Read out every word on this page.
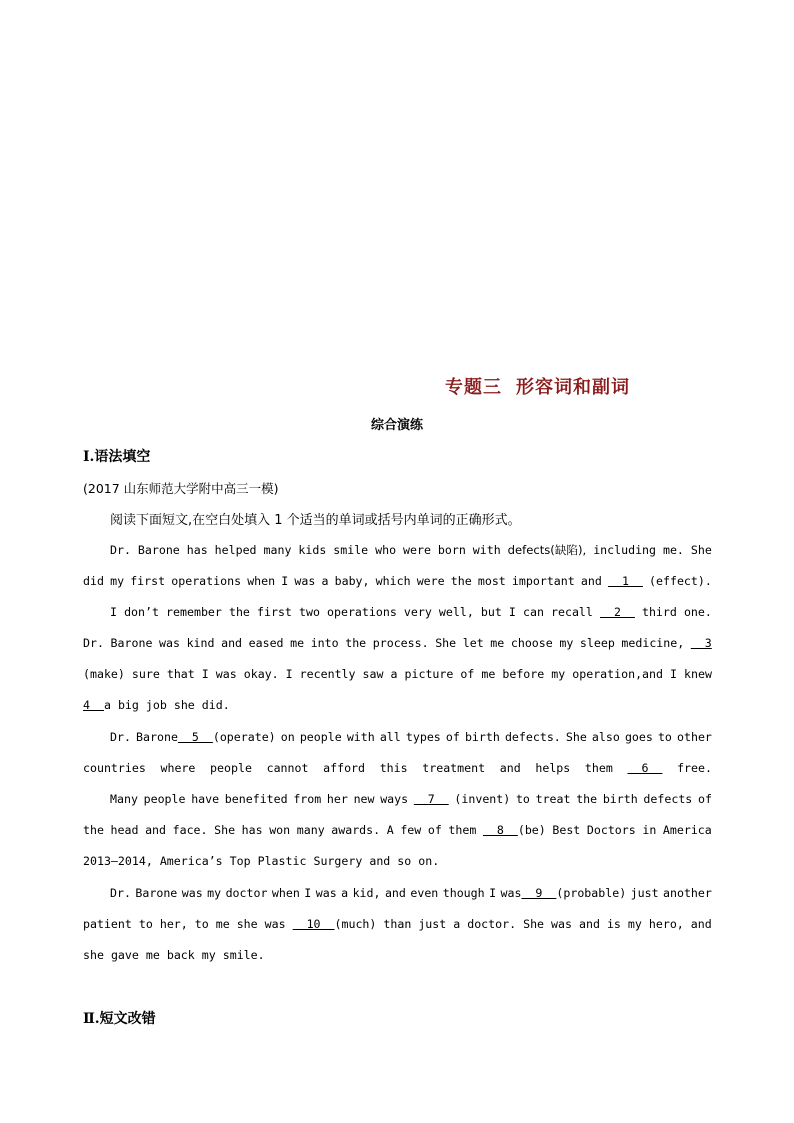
专题三 形容词和副词
综合演练
Ⅰ.语法填空
(2017 山东师范大学附中高三一模)
阅读下面短文,在空白处填入 1 个适当的单词或括号内单词的正确形式。
Dr. Barone has helped many kids smile who were born with defects(缺陷), including me. She
did my first operations when I was a baby, which were the most important and 1 (effect).
I don’t remember the first two operations very well, but I can recall 2 third one.
Dr. Barone was kind and eased me into the process. She let me choose my sleep medicine, 3
(make) sure that I was okay. I recently saw a picture of me before my operation,and I knew
4  a big job she did.
Dr. Barone  5  (operate) on people with all types of birth defects. She also goes to other
countries where people cannot afford this treatment and helps them 6 free.
Many people have benefited from her new ways 7 (invent) to treat the birth defects of
the head and face. She has won many awards. A few of them 8  (be) Best Doctors in America
2013—2014, America’s Top Plastic Surgery and so on.
Dr. Barone was my doctor when I was a kid, and even though I was  9  (probable) just another
patient to her, to me she was 10  (much) than just a doctor. She was and is my hero, and
she gave me back my smile.
Ⅱ.短文改错
